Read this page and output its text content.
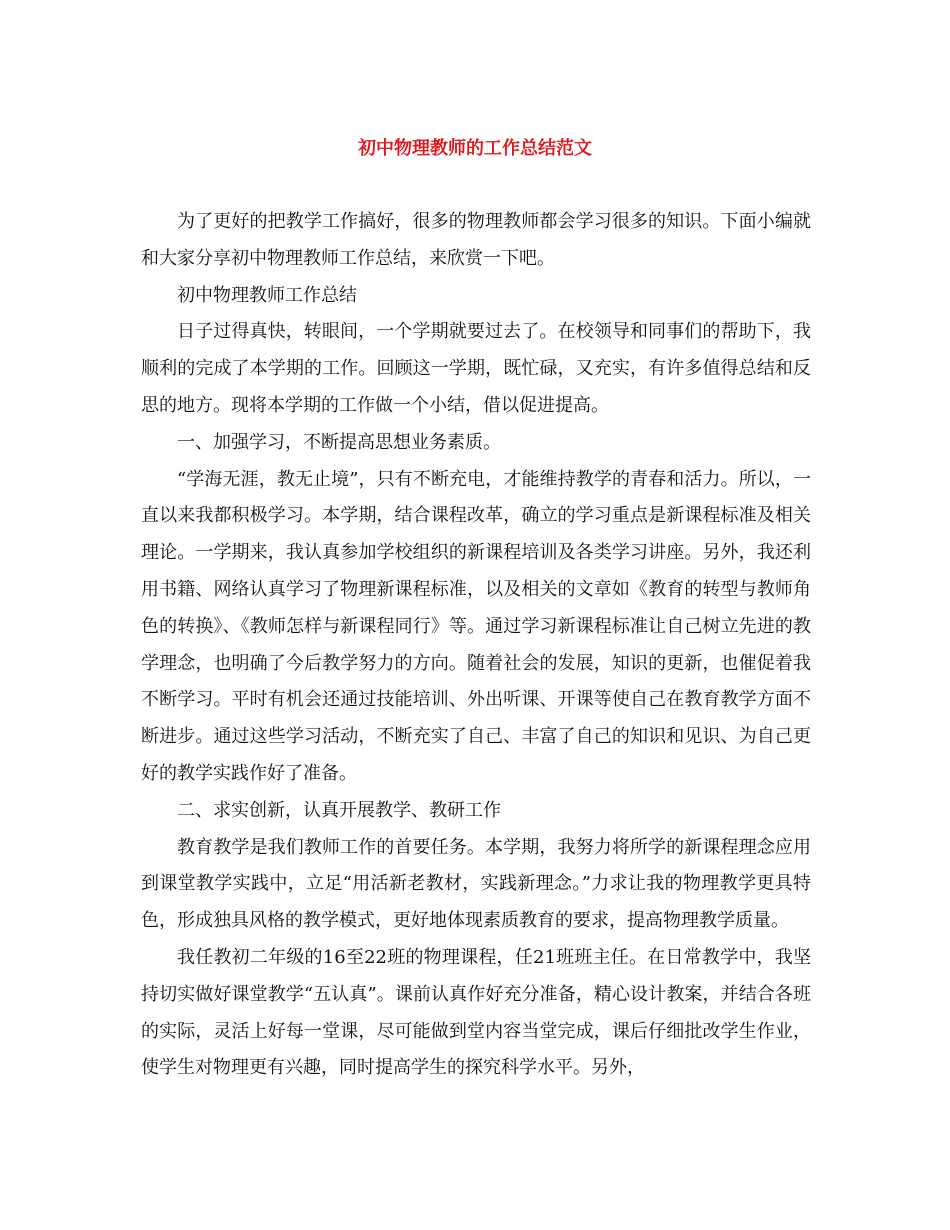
初中物理教师的工作总结范文

为了更好的把教学工作搞好，很多的物理教师都会学习很多的知识。下面小编就和大家分享初中物理教师工作总结，来欣赏一下吧。

初中物理教师工作总结

日子过得真快，转眼间，一个学期就要过去了。在校领导和同事们的帮助下，我顺利的完成了本学期的工作。回顾这一学期，既忙碌，又充实，有许多值得总结和反思的地方。现将本学期的工作做一个小结，借以促进提高。

一、加强学习，不断提高思想业务素质。

“学海无涯，教无止境”，只有不断充电，才能维持教学的青春和活力。所以，一直以来我都积极学习。本学期，结合课程改革，确立的学习重点是新课程标准及相关理论。一学期来，我认真参加学校组织的新课程培训及各类学习讲座。另外，我还利用书籍、网络认真学习了物理新课程标准，以及相关的文章如《教育的转型与教师角色的转换》、《教师怎样与新课程同行》等。通过学习新课程标准让自己树立先进的教学理念，也明确了今后教学努力的方向。随着社会的发展，知识的更新，也催促着我不断学习。平时有机会还通过技能培训、外出听课、开课等使自己在教育教学方面不断进步。通过这些学习活动，不断充实了自己、丰富了自己的知识和见识、为自己更好的教学实践作好了准备。

二、求实创新，认真开展教学、教研工作

教育教学是我们教师工作的首要任务。本学期，我努力将所学的新课程理念应用到课堂教学实践中，立足“用活新老教材，实践新理念。”力求让我的物理教学更具特色，形成独具风格的教学模式，更好地体现素质教育的要求，提高物理教学质量。

我任教初二年级的16至22班的物理课程，任21班班主任。在日常教学中，我坚持切实做好课堂教学“五认真”。课前认真作好充分准备，精心设计教案，并结合各班的实际，灵活上好每一堂课，尽可能做到堂内容当堂完成，课后仔细批改学生作业，使学生对物理更有兴趣，同时提高学生的探究科学水平。另外，
